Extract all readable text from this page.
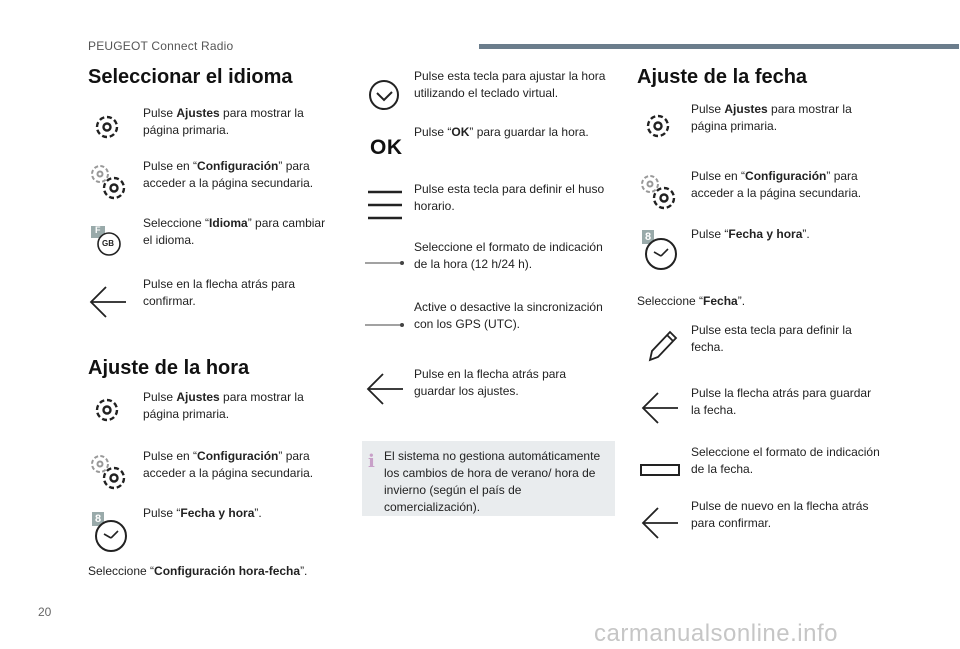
PEUGEOT Connect Radio
Seleccionar el idioma
Pulse Ajustes para mostrar la página primaria.
Pulse en “Configuración” para acceder a la página secundaria.
F
GB
Seleccione “Idioma” para cambiar el idioma.
Pulse en la flecha atrás para confirmar.
Ajuste de la hora
Pulse Ajustes para mostrar la página primaria.
Pulse en “Configuración” para acceder a la página secundaria.
8	Pulse “Fecha y hora”.
Seleccione “Configuración hora-fecha”.
Pulse esta tecla para ajustar la hora utilizando el teclado virtual.
OK
Pulse “OK” para guardar la hora.
Pulse esta tecla para definir el huso horario.
Seleccione el formato de indicación de la hora (12 h/24 h).
Active o desactive la sincronización con los GPS (UTC).
Pulse en la flecha atrás para guardar los ajustes.
i El sistema no gestiona automáticamente los cambios de hora de verano/ hora de invierno (según el país de comercialización).
Ajuste de la fecha
Pulse Ajustes para mostrar la página primaria.
Pulse en “Configuración” para acceder a la página secundaria.
8	Pulse “Fecha y hora”.
Seleccione “Fecha”.
Pulse esta tecla para definir la fecha.
Pulse la flecha atrás para guardar la fecha.
Seleccione el formato de indicación de la fecha.
Pulse de nuevo en la flecha atrás para confirmar.
20
carmanualsonline.info
